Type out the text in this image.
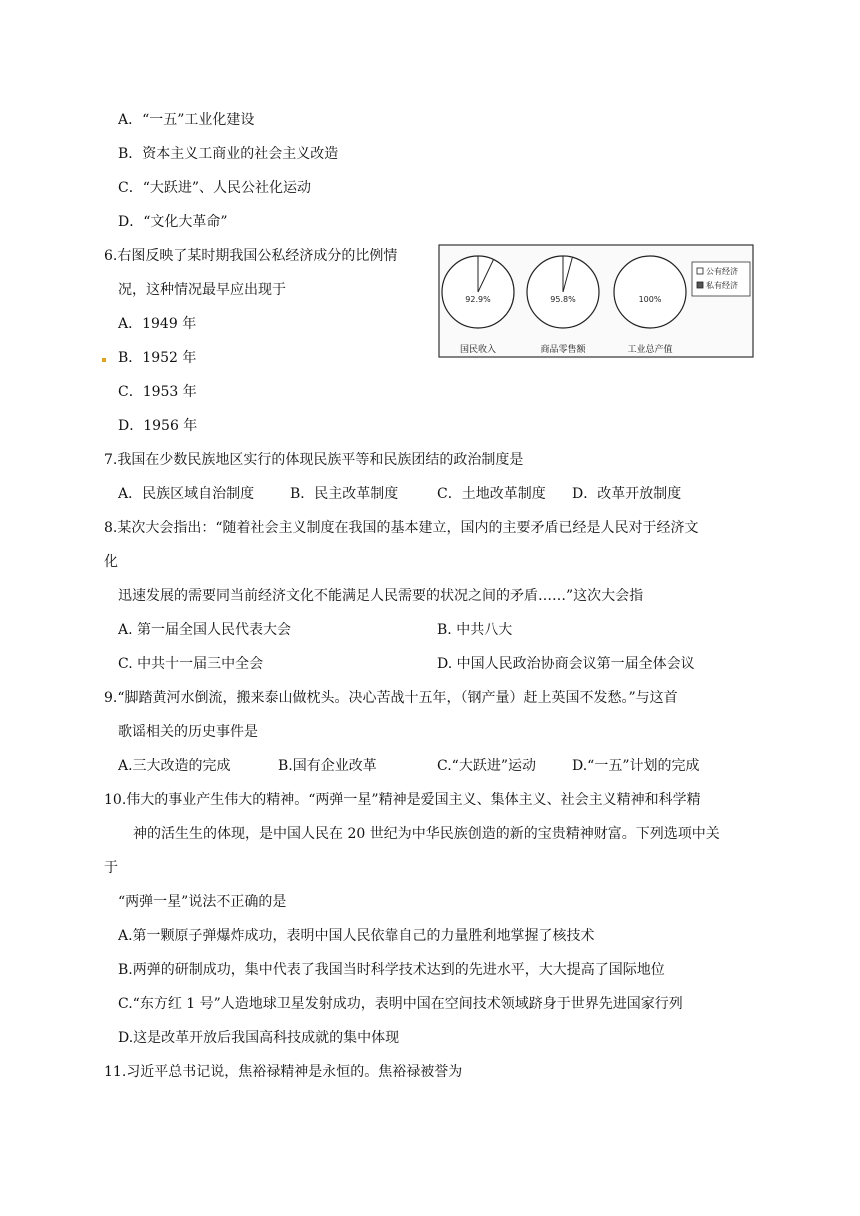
A．“一五”工业化建设
B．资本主义工商业的社会主义改造
C．“大跃进”、人民公社化运动
D．“文化大革命”
6.右图反映了某时期我国公私经济成分的比例情
况，这种情况最早应出现于
A．1949 年
B．1952 年
C．1953 年
D．1956 年
92.9%
国民收入
95.8%
商品零售额
100%
工业总产值
公有经济
私有经济
7.我国在少数民族地区实行的体现民族平等和民族团结的政治制度是
A．民族区域自治制度	B．民主改革制度	C．土地改革制度 D．改革开放制度
8.某次大会指出：“随着社会主义制度在我国的基本建立，国内的主要矛盾已经是人民对于经济文
化
迅速发展的需要同当前经济文化不能满足人民需要的状况之间的矛盾……”这次大会指
A. 第一届全国人民代表大会	B. 中共八大
C. 中共十一届三中全会	D. 中国人民政治协商会议第一届全体会议
9.“脚踏黄河水倒流，搬来泰山做枕头。决心苦战十五年，（钢产量）赶上英国不发愁。”与这首
歌谣相关的历史事件是
A.三大改造的完成	B.国有企业改革	C.“大跃进”运动	D.“一五”计划的完成
10.伟大的事业产生伟大的精神。“两弹一星”精神是爱国主义、集体主义、社会主义精神和科学精
神的活生生的体现，是中国人民在 20 世纪为中华民族创造的新的宝贵精神财富。下列选项中关
于
“两弹一星”说法不正确的是
A.第一颗原子弹爆炸成功，表明中国人民依靠自己的力量胜利地掌握了核技术
B.两弹的研制成功，集中代表了我国当时科学技术达到的先进水平，大大提高了国际地位
C.“东方红 1 号”人造地球卫星发射成功，表明中国在空间技术领域跻身于世界先进国家行列
D.这是改革开放后我国高科技成就的集中体现
11.习近平总书记说，焦裕禄精神是永恒的。焦裕禄被誉为
